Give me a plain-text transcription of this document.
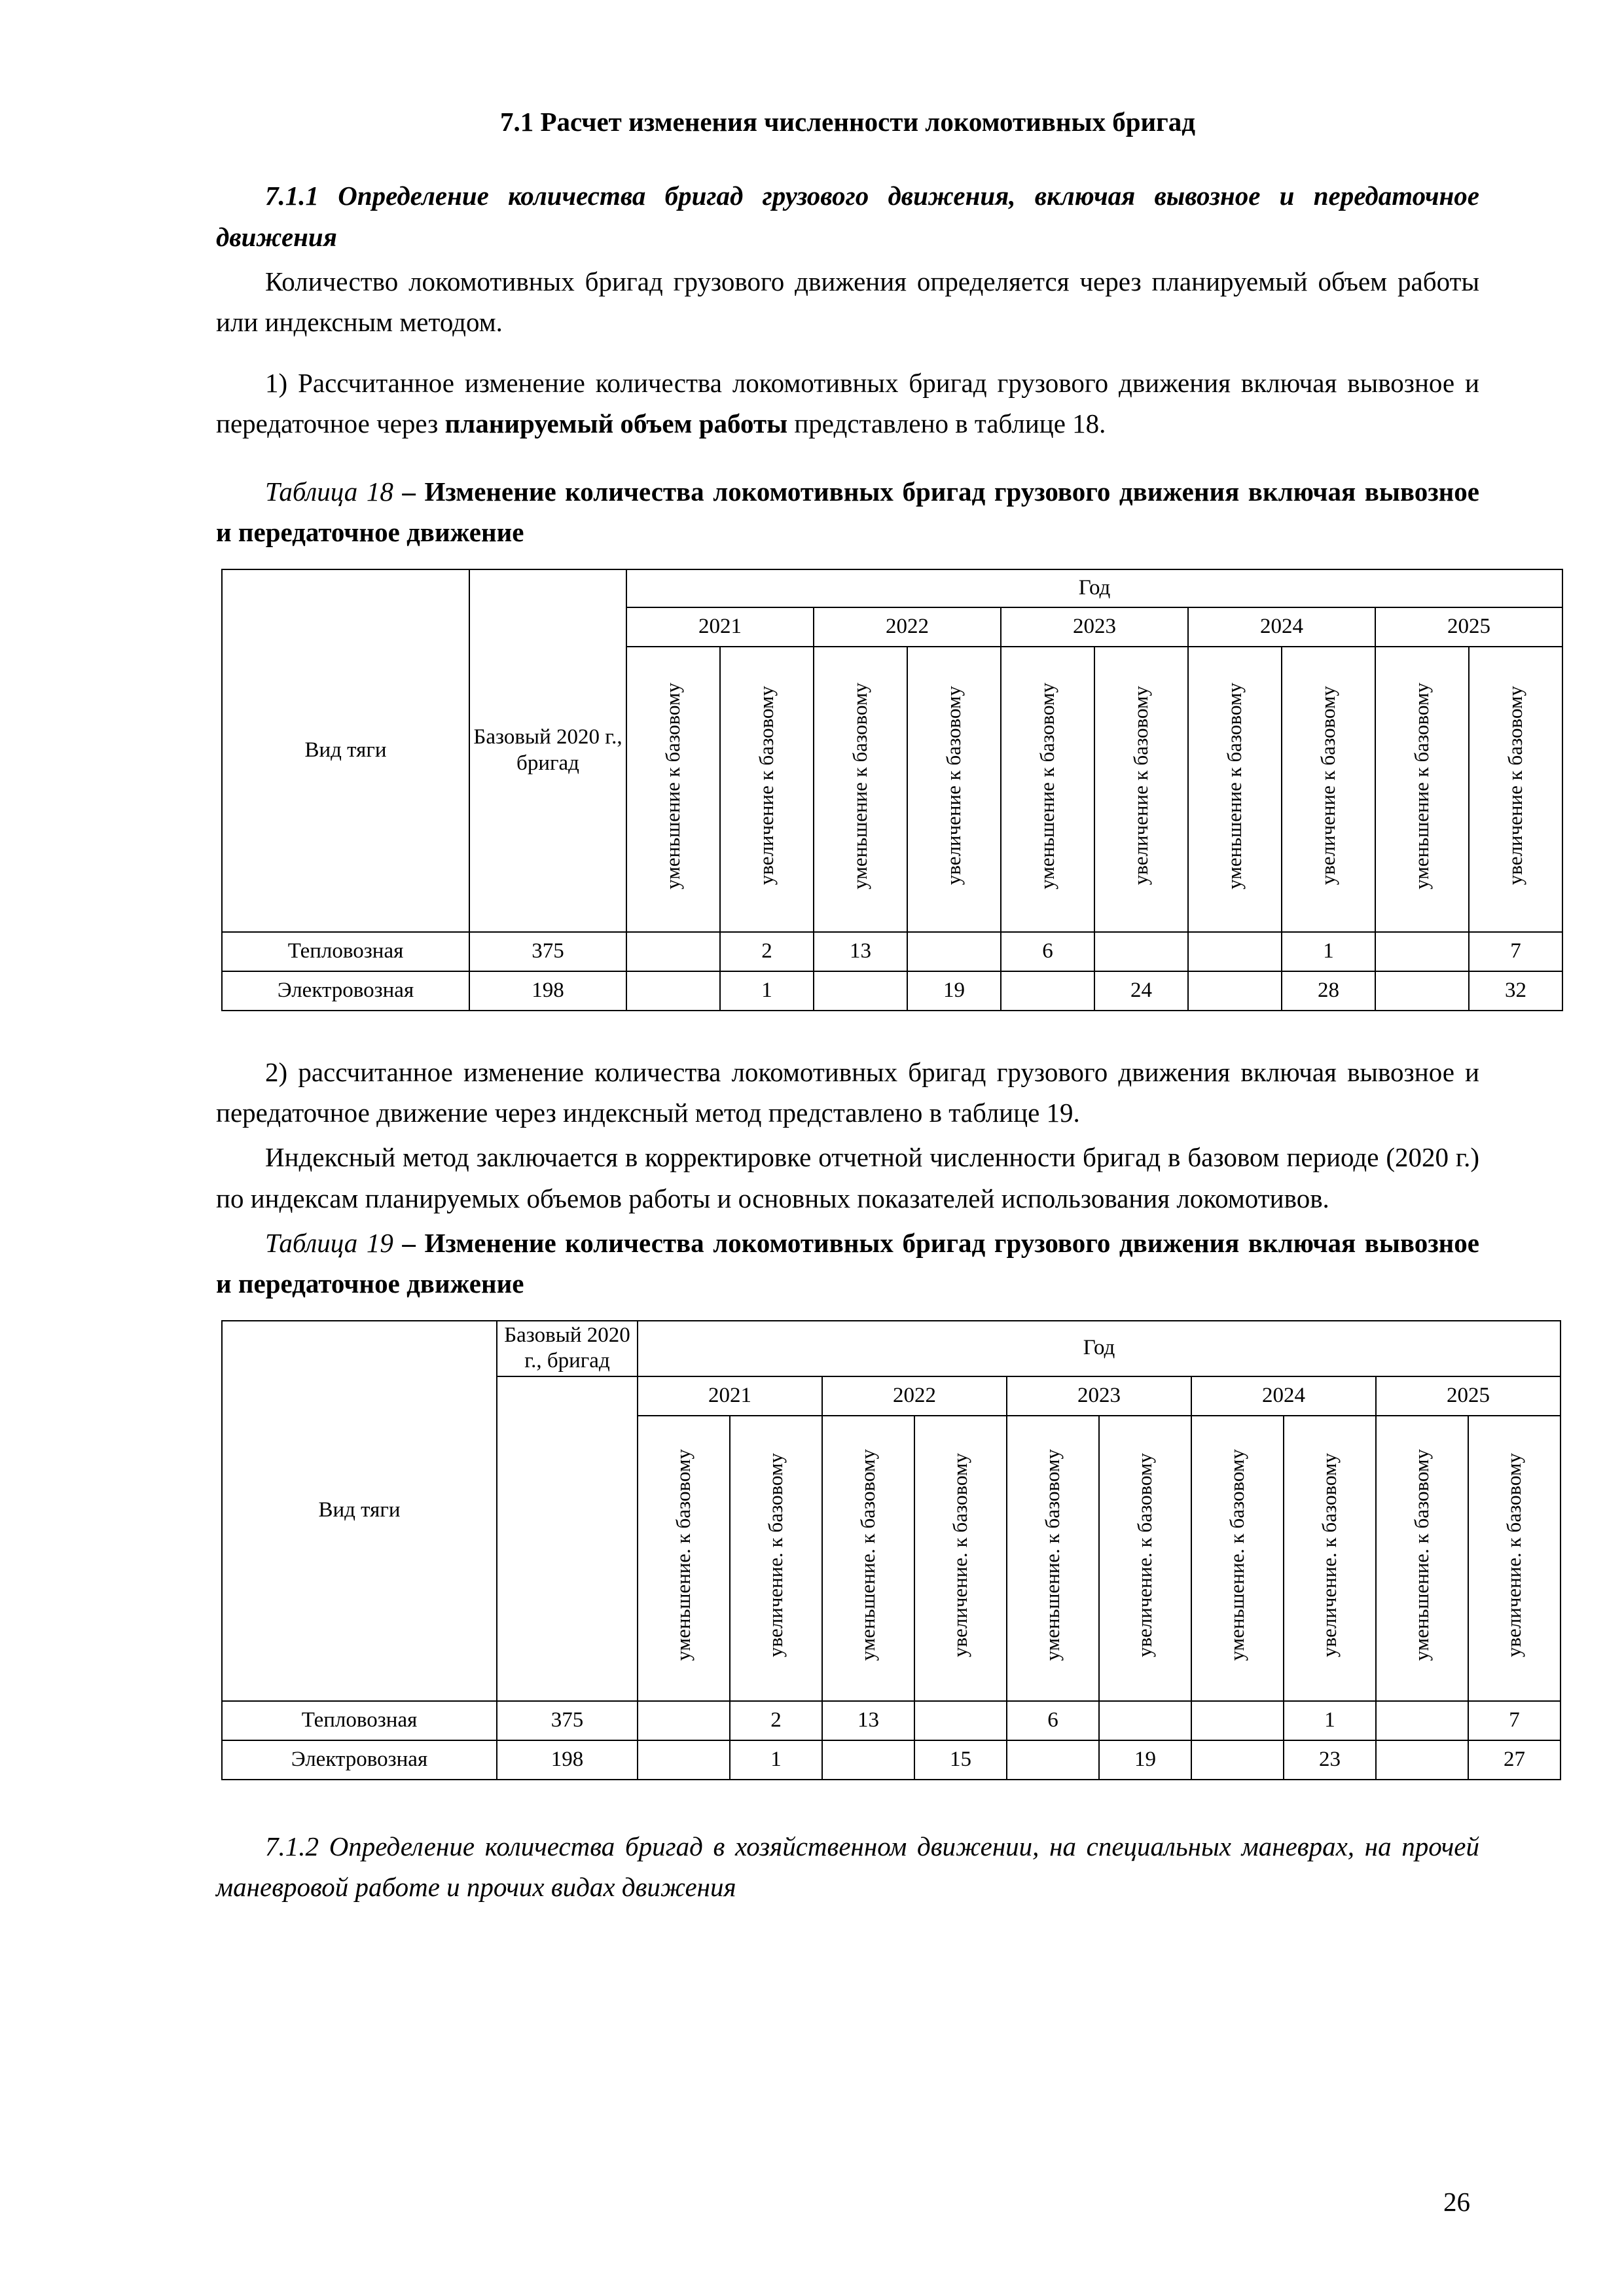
7.1 Расчет изменения численности локомотивных бригад

7.1.1 Определение количества бригад грузового движения, включая вывозное и передаточное движения

Количество локомотивных бригад грузового движения определяется через планируемый объем работы или индексным методом.

1) Рассчитанное изменение количества локомотивных бригад грузового движения включая вывозное и передаточное через планируемый объем работы представлено в таблице 18.

Таблица 18 – Изменение количества локомотивных бригад грузового движения включая вывозное и передаточное движение

Вид тяги	Базовый 2020 г., бригад	Год									
		2021		2022		2023		2024		2025	
		уменьшение к базовому	увеличение к базовому	уменьшение к базовому	увеличение к базовому	уменьшение к базовому	увеличение к базовому	уменьшение к базовому	увеличение к базовому	уменьшение к базовому	увеличение к базовому
Тепловозная	375		2	13		6			1		7
Электровозная	198		1		19		24		28		32

2) рассчитанное изменение количества локомотивных бригад грузового движения включая вывозное и передаточное движение через индексный метод представлено в таблице 19.

Индексный метод заключается в корректировке отчетной численности бригад в базовом периоде (2020 г.) по индексам планируемых объемов работы и основных показателей использования локомотивов.

Таблица 19 – Изменение количества локомотивных бригад грузового движения включая вывозное и передаточное движение

Вид тяги	Базовый 2020 г., бригад	Год									
		2021		2022		2023		2024		2025	
		уменьшение. к базовому	увеличение. к базовому	уменьшение. к базовому	увеличение. к базовому	уменьшение. к базовому	увеличение. к базовому	уменьшение. к базовому	увеличение. к базовому	уменьшение. к базовому	увеличение. к базовому
Тепловозная	375		2	13		6			1		7
Электровозная	198		1		15		19		23		27

7.1.2 Определение количества бригад в хозяйственном движении, на специальных маневрах, на прочей маневровой работе и прочих видах движения

26
